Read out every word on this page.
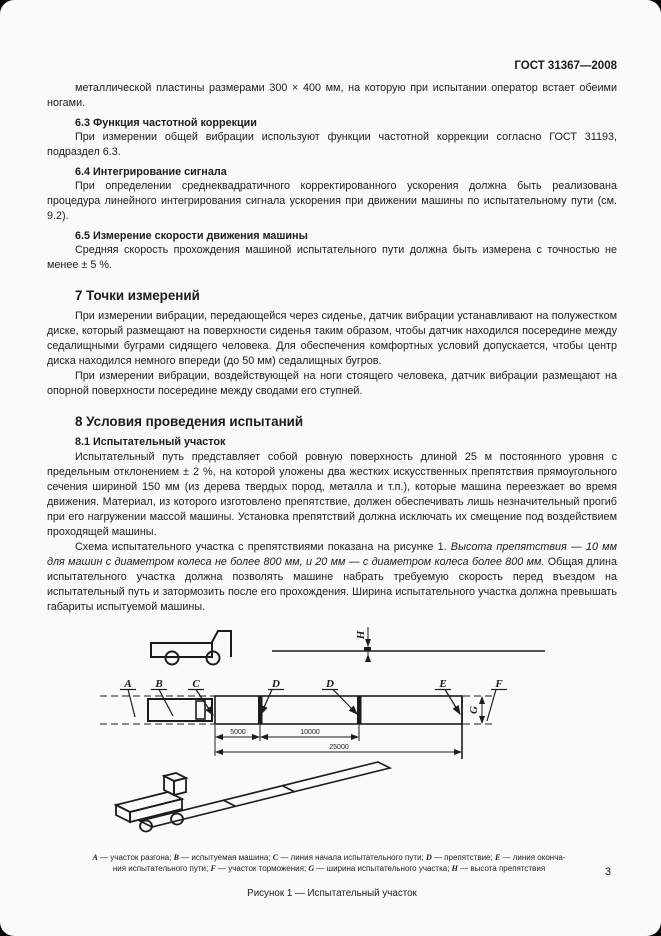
ГОСТ 31367—2008

металлической пластины размерами 300 × 400 мм, на которую при испытании оператор встает обеими ногами.

6.3 Функция частотной коррекции

При измерении общей вибрации используют функции частотной коррекции согласно ГОСТ 31193, подраздел 6.3.

6.4 Интегрирование сигнала

При определении среднеквадратичного корректированного ускорения должна быть реализована процедура линейного интегрирования сигнала ускорения при движении машины по испытательному пути (см. 9.2).

6.5 Измерение скорости движения машины

Средняя скорость прохождения машиной испытательного пути должна быть измерена с точностью не менее ± 5 %.

7 Точки измерений

При измерении вибрации, передающейся через сиденье, датчик вибрации устанавливают на полужестком диске, который размещают на поверхности сиденья таким образом, чтобы датчик находился посередине между седалищными буграми сидящего человека. Для обеспечения комфортных условий допускается, чтобы центр диска находился немного впереди (до 50 мм) седалищных бугров.

При измерении вибрации, воздействующей на ноги стоящего человека, датчик вибрации размещают на опорной поверхности посередине между сводами его ступней.

8 Условия проведения испытаний

8.1 Испытательный участок

Испытательный путь представляет собой ровную поверхность длиной 25 м постоянного уровня с предельным отклонением ± 2 %, на которой уложены два жестких искусственных препятствия прямоугольного сечения шириной 150 мм (из дерева твердых пород, металла и т.п.), которые машина переезжает во время движения. Материал, из которого изготовлено препятствие, должен обеспечивать лишь незначительный прогиб при его нагружении массой машины. Установка препятствий должна исключать их смещение под воздействием проходящей машины.

Схема испытательного участка с препятствиями показана на рисунке 1. Высота препятствия — 10 мм для машин с диаметром колеса не более 800 мм, и 20 мм — с диаметром колеса более 800 мм. Общая длина испытательного участка должна позволять машине набрать требуемую скорость перед въездом на испытательный путь и затормозить после его прохождения. Ширина испытательного участка должна превышать габариты испытуемой машины.

H
A B	C	D	D	E	F
G
5000	10000
25000
А — участок разгона; В — испытуемая машина; С — линия начала испытательного пути; D — препятствие; Е — линия оконча-
ния испытательного пути; F — участок торможения; G — ширина испытательного участка; Н — высота препятствия

Рисунок 1 — Испытательный участок

3
